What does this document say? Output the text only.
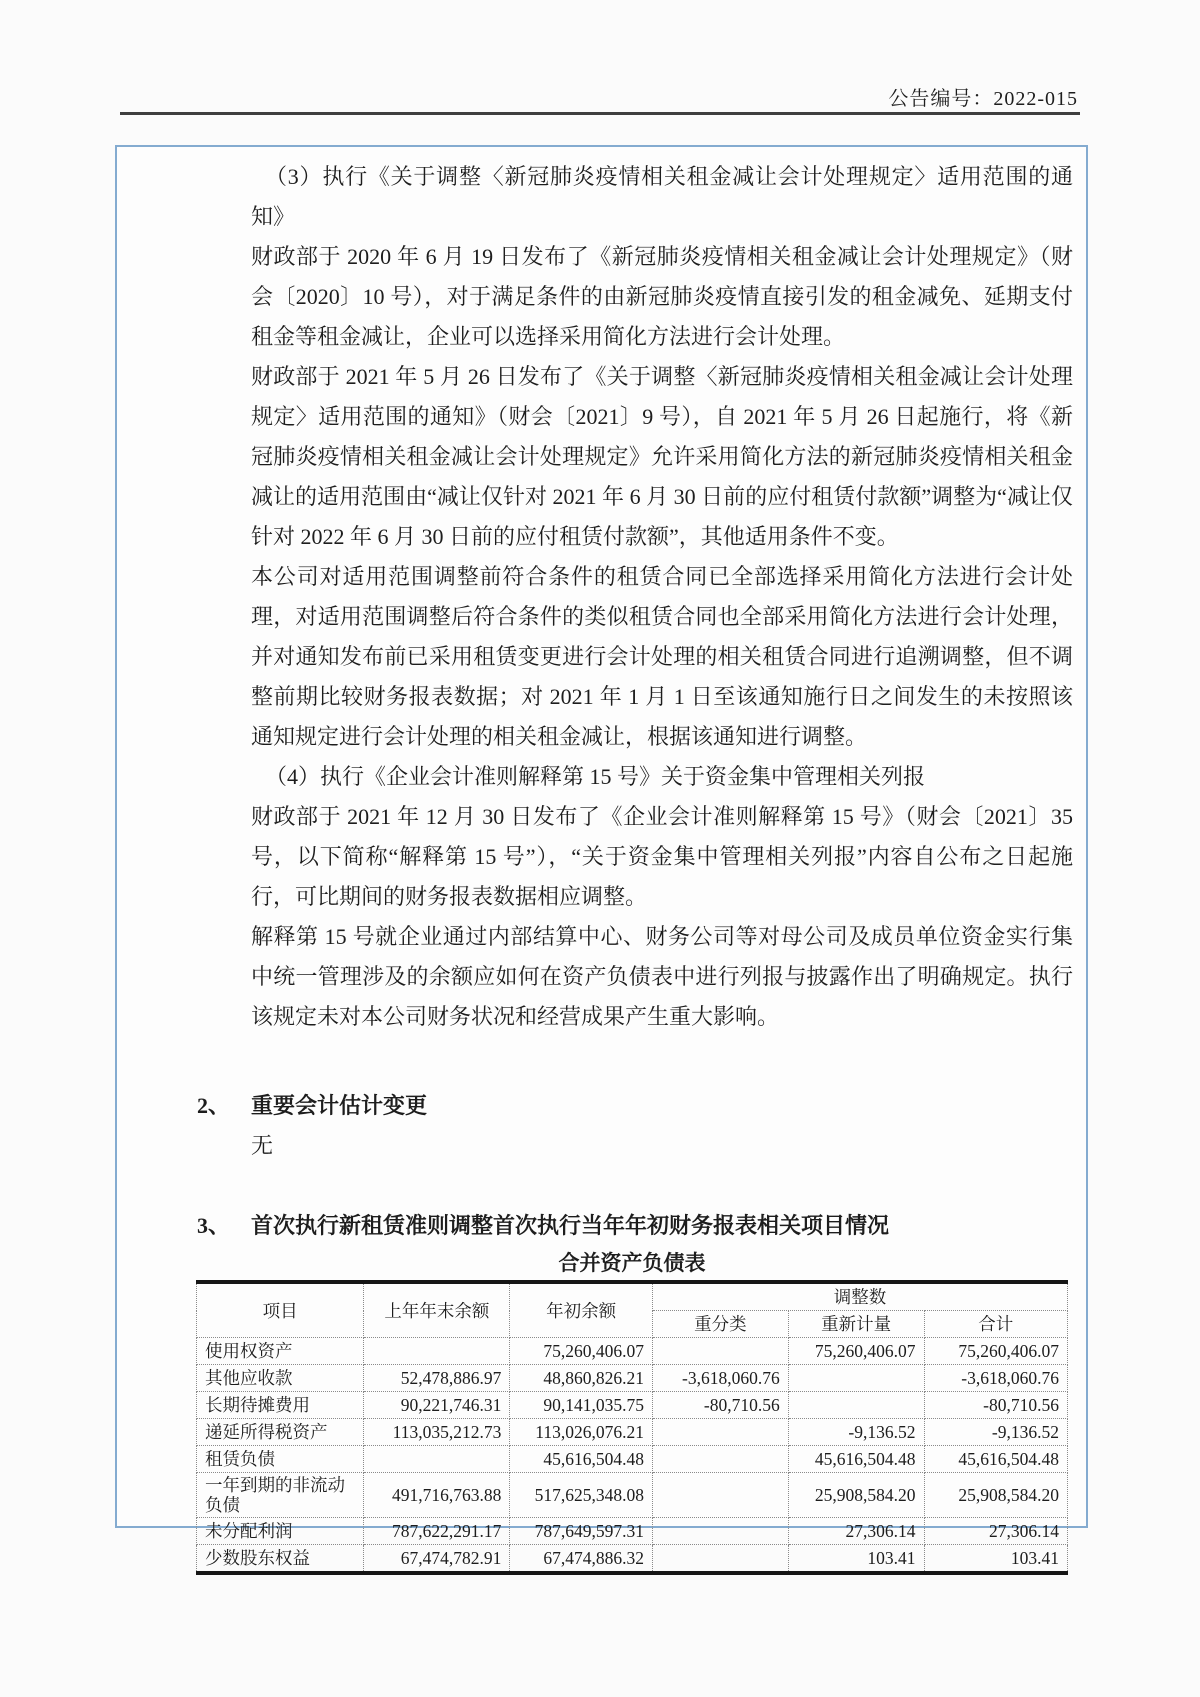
公告编号：2022-015

（3）执行《关于调整〈新冠肺炎疫情相关租金减让会计处理规定〉适用范围的通知》

财政部于 2020 年 6 月 19 日发布了《新冠肺炎疫情相关租金减让会计处理规定》（财会〔2020〕10 号），对于满足条件的由新冠肺炎疫情直接引发的租金减免、延期支付租金等租金减让，企业可以选择采用简化方法进行会计处理。

财政部于 2021 年 5 月 26 日发布了《关于调整〈新冠肺炎疫情相关租金减让会计处理规定〉适用范围的通知》（财会〔2021〕9 号），自 2021 年 5 月 26 日起施行，将《新冠肺炎疫情相关租金减让会计处理规定》允许采用简化方法的新冠肺炎疫情相关租金减让的适用范围由“减让仅针对 2021 年 6 月 30 日前的应付租赁付款额”调整为“减让仅针对 2022 年 6 月 30 日前的应付租赁付款额”，其他适用条件不变。

本公司对适用范围调整前符合条件的租赁合同已全部选择采用简化方法进行会计处理，对适用范围调整后符合条件的类似租赁合同也全部采用简化方法进行会计处理，并对通知发布前已采用租赁变更进行会计处理的相关租赁合同进行追溯调整，但不调整前期比较财务报表数据；对 2021 年 1 月 1 日至该通知施行日之间发生的未按照该通知规定进行会计处理的相关租金减让，根据该通知进行调整。

（4）执行《企业会计准则解释第 15 号》关于资金集中管理相关列报

财政部于 2021 年 12 月 30 日发布了《企业会计准则解释第 15 号》（财会〔2021〕35 号，以下简称“解释第 15 号”），“关于资金集中管理相关列报”内容自公布之日起施行，可比期间的财务报表数据相应调整。

解释第 15 号就企业通过内部结算中心、财务公司等对母公司及成员单位资金实行集中统一管理涉及的余额应如何在资产负债表中进行列报与披露作出了明确规定。执行该规定未对本公司财务状况和经营成果产生重大影响。

2、 重要会计估计变更
无
3、 首次执行新租赁准则调整首次执行当年年初财务报表相关项目情况
合并资产负债表
项目	上年年末余额	年初余额	调整数		
			重分类	重新计量	合计
使用权资产		75,260,406.07		75,260,406.07	75,260,406.07
其他应收款	52,478,886.97	48,860,826.21	-3,618,060.76		-3,618,060.76
长期待摊费用	90,221,746.31	90,141,035.75	-80,710.56		-80,710.56
递延所得税资产	113,035,212.73	113,026,076.21		-9,136.52	-9,136.52
租赁负债		45,616,504.48		45,616,504.48	45,616,504.48
一年到期的非流动负债	491,716,763.88	517,625,348.08		25,908,584.20	25,908,584.20
未分配利润	787,622,291.17	787,649,597.31		27,306.14	27,306.14
少数股东权益	67,474,782.91	67,474,886.32		103.41	103.41
